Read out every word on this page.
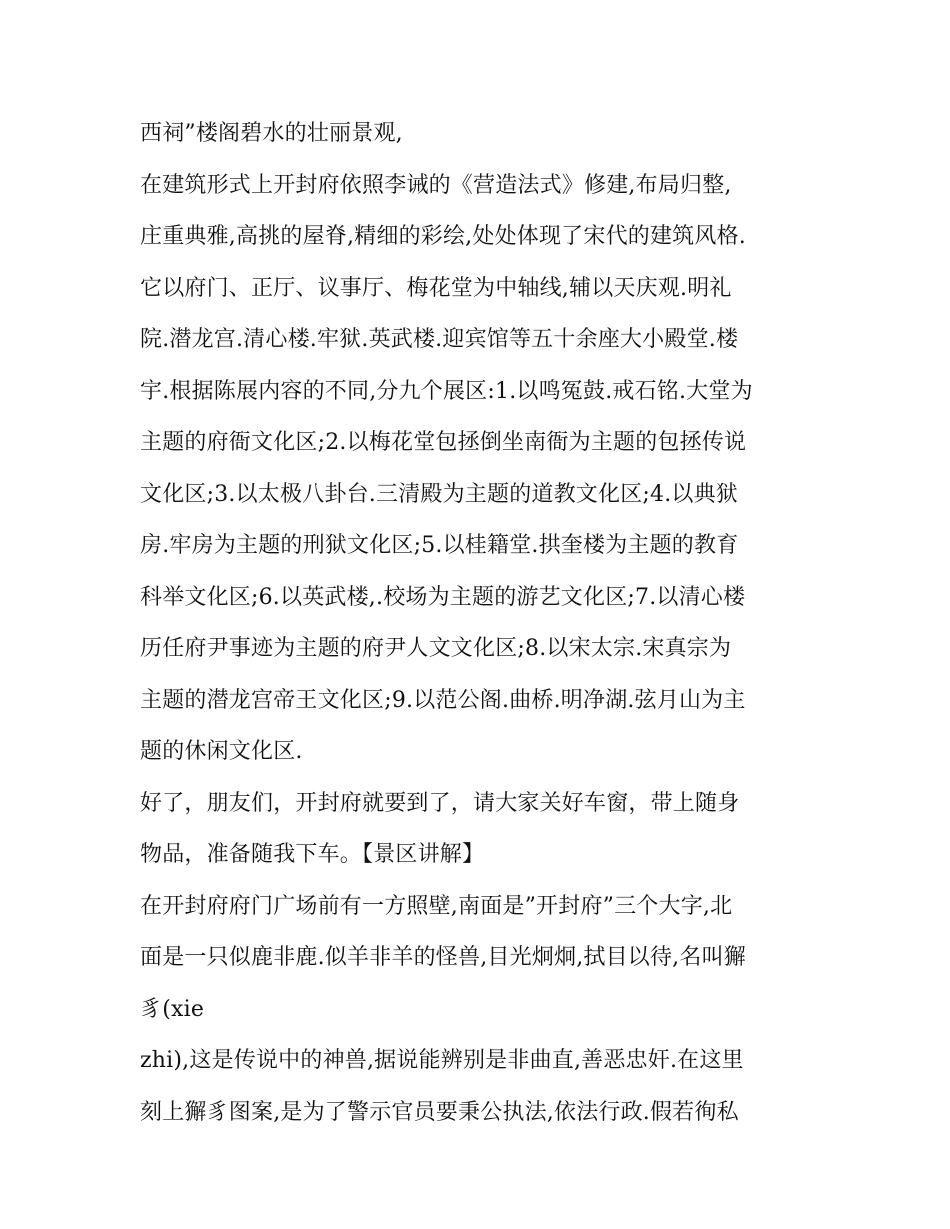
西祠”楼阁碧水的壮丽景观,
在建筑形式上开封府依照李诫的《营造法式》修建,布局归整,
庄重典雅,高挑的屋脊,精细的彩绘,处处体现了宋代的建筑风格.
它以府门、正厅、议事厅、梅花堂为中轴线,辅以天庆观.明礼
院.潜龙宫.清心楼.牢狱.英武楼.迎宾馆等五十余座大小殿堂.楼
宇.根据陈展内容的不同,分九个展区:1.以鸣冤鼓.戒石铭.大堂为
主题的府衙文化区;2.以梅花堂包拯倒坐南衙为主题的包拯传说
文化区;3.以太极八卦台.三清殿为主题的道教文化区;4.以典狱
房.牢房为主题的刑狱文化区;5.以桂籍堂.拱奎楼为主题的教育
科举文化区;6.以英武楼,.校场为主题的游艺文化区;7.以清心楼
历任府尹事迹为主题的府尹人文文化区;8.以宋太宗.宋真宗为
主题的潜龙宫帝王文化区;9.以范公阁.曲桥.明净湖.弦月山为主
题的休闲文化区.
好了，朋友们，开封府就要到了，请大家关好车窗，带上随身
物品，准备随我下车。【景区讲解】
在开封府府门广场前有一方照壁,南面是”开封府”三个大字,北
面是一只似鹿非鹿.似羊非羊的怪兽,目光炯炯,拭目以待,名叫獬
豸(xie
zhi),这是传说中的神兽,据说能辨别是非曲直,善恶忠奸.在这里
刻上獬豸图案,是为了警示官员要秉公执法,依法行政.假若徇私
